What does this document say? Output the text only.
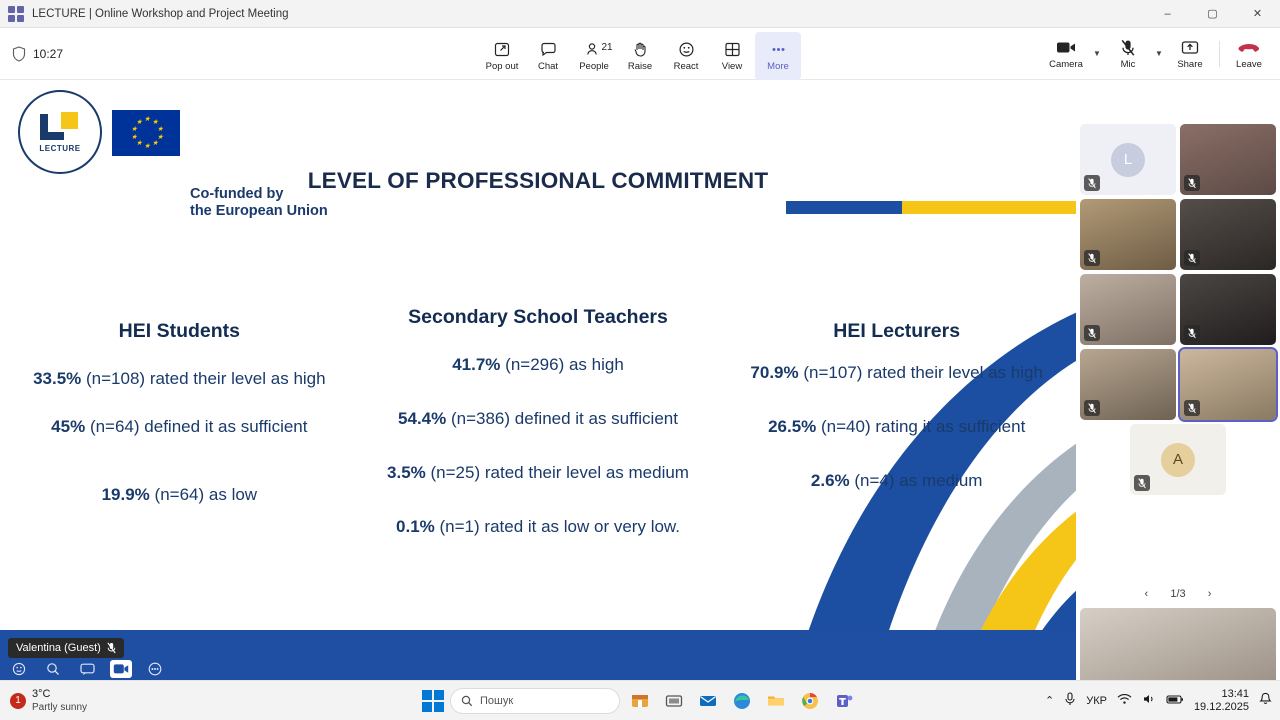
LECTURE | Online Workshop and Project Meeting	–	▢	✕
10:27
Pop out Chat
21
People Raise React View	More	Camera
▼
Mic
▼
Share	Leave
LECTURE
★ ★
★
★
★
★
★
★
★
★
Co-funded by
the European Union
LEVEL OF PROFESSIONAL COMMITMENT
HEI Students
33.5% (n=108) rated their level as high
45% (n=64) defined it as sufficient
19.9% (n=64) as low
Secondary School Teachers
41.7% (n=296) as high
54.4% (n=386) defined it as sufficient
3.5% (n=25) rated their level as medium
0.1% (n=1) rated it as low or very low.
HEI Lecturers
70.9% (n=107) rated their level as high
26.5% (n=40) rating it as sufficient
2.6% (n=4) as medium
Valentina (Guest)
L
A
‹	1/3	›
1
3°C
Partly sunny
Пошук	⌃	УКР
13:41
19.12.2025
